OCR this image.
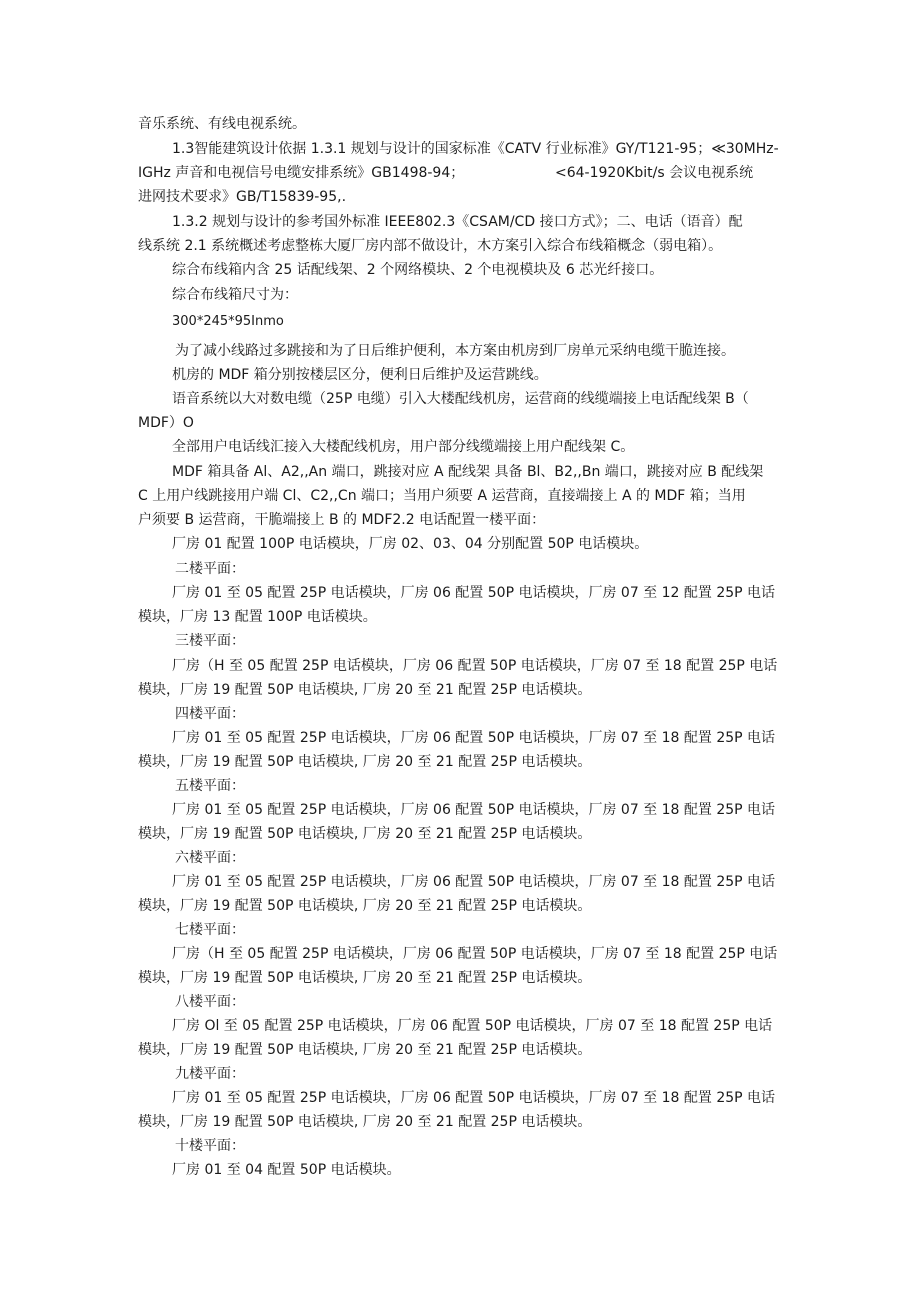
音乐系统、有线电视系统。
1.3智能建筑设计依据 1.3.1 规划与设计的国家标准《CATV 行业标准》GY/T121-95；≪30MHz-
IGHz 声音和电视信号电缆安排系统》GB1498-94；	<64-1920Kbit/s 会议电视系统
进网技术要求》GB/T15839-95,.
1.3.2 规划与设计的参考国外标准 IEEE802.3《CSAM/CD 接口方式》；二、电话（语音）配
线系统 2.1 系统概述考虑整栋大厦厂房内部不做设计，木方案引入综合布线箱概念（弱电箱）。
综合布线箱内含 25 话配线架、2 个网络模块、2 个电视模块及 6 芯光纤接口。
综合布线箱尺寸为：
300*245*95Inmo
为了减小线路过多跳接和为了日后维护便利，本方案由机房到厂房单元采纳电缆干脆连接。
机房的 MDF 箱分别按楼层区分，便利日后维护及运营跳线。
语音系统以大对数电缆（25P 电缆）引入大楼配线机房，运营商的线缆端接上电话配线架 B（
MDF）O
全部用户电话线汇接入大楼配线机房，用户部分线缆端接上用户配线架 C。
MDF 箱具备 Al、A2,,An 端口，跳接对应 A 配线架 具备 Bl、B2,,Bn 端口，跳接对应 B 配线架
C 上用户线跳接用户端 Cl、C2,,Cn 端口；当用户须要 A 运营商，直接端接上 A 的 MDF 箱；当用
户须要 B 运营商，干脆端接上 B 的 MDF2.2 电话配置一楼平面：
厂房 01 配置 100P 电话模块，厂房 02、03、04 分别配置 50P 电话模块。
二楼平面：
厂房 01 至 05 配置 25P 电话模块，厂房 06 配置 50P 电话模块，厂房 07 至 12 配置 25P 电话
模块，厂房 13 配置 100P 电话模块。
三楼平面：
厂房（H 至 05 配置 25P 电话模块，厂房 06 配置 50P 电话模块，厂房 07 至 18 配置 25P 电话
模块，厂房 19 配置 50P 电话模块, 厂房 20 至 21 配置 25P 电话模块。
四楼平面：
厂房 01 至 05 配置 25P 电话模块，厂房 06 配置 50P 电话模块，厂房 07 至 18 配置 25P 电话
模块，厂房 19 配置 50P 电话模块, 厂房 20 至 21 配置 25P 电话模块。
五楼平面：
厂房 01 至 05 配置 25P 电话模块，厂房 06 配置 50P 电话模块，厂房 07 至 18 配置 25P 电话
模块，厂房 19 配置 50P 电话模块, 厂房 20 至 21 配置 25P 电话模块。
六楼平面：
厂房 01 至 05 配置 25P 电话模块，厂房 06 配置 50P 电话模块，厂房 07 至 18 配置 25P 电话
模块，厂房 19 配置 50P 电话模块, 厂房 20 至 21 配置 25P 电话模块。
七楼平面：
厂房（H 至 05 配置 25P 电话模块，厂房 06 配置 50P 电话模块，厂房 07 至 18 配置 25P 电话
模块，厂房 19 配置 50P 电话模块, 厂房 20 至 21 配置 25P 电话模块。
八楼平面：
厂房 Ol 至 05 配置 25P 电话模块，厂房 06 配置 50P 电话模块，厂房 07 至 18 配置 25P 电话
模块，厂房 19 配置 50P 电话模块, 厂房 20 至 21 配置 25P 电话模块。
九楼平面：
厂房 01 至 05 配置 25P 电话模块，厂房 06 配置 50P 电话模块，厂房 07 至 18 配置 25P 电话
模块，厂房 19 配置 50P 电话模块, 厂房 20 至 21 配置 25P 电话模块。
十楼平面：
厂房 01 至 04 配置 50P 电话模块。
